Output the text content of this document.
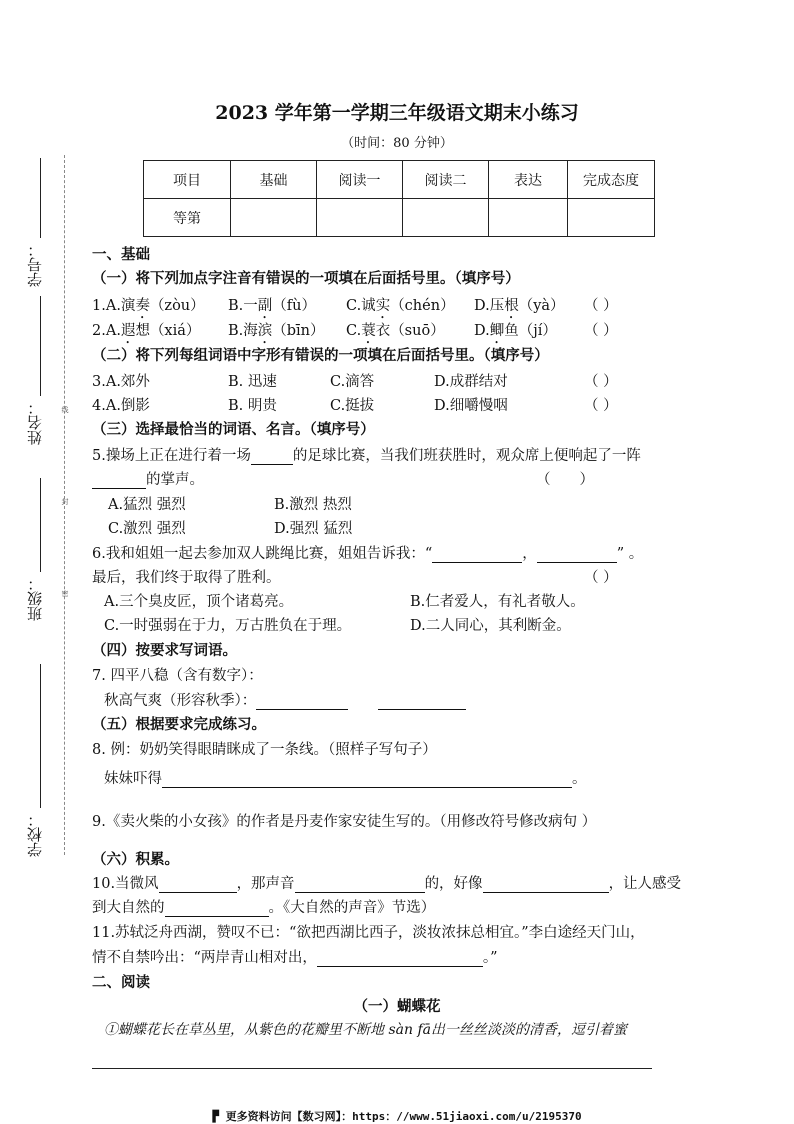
2023 学年第一学期三年级语文期末小练习
（时间：80 分钟）
项目	基础	阅读一	阅读二	表达	完成态度
等第					
学号：
姓名：
班级：
学校：
线
封
密
一、基础
（一）将下列加点字注音有错误的一项填在后面括号里。（填序号）
1.A.演奏（zòu） B.一副（fù） C.诚实（chén） D.压根（yà） （ ）
2.A.遐想（xiá） B.海滨（bīn） C.蓑衣（suō） D.鲫鱼（jí） （ ）
（二）将下列每组词语中字形有错误的一项填在后面括号里。（填序号）
3.A.郊外	B. 迅速	C.滴答	D.成群结对	（ ）
4.A.倒影	B. 明贵	C.挺拔	D.细嚼慢咽	（ ）
（三）选择最恰当的词语、名言。（填序号）
5.操场上正在进行着一场	的足球比赛，当我们班获胜时，观众席上便响起了一阵
的掌声。	（　　）
A.猛烈 强烈	B.激烈 热烈
C.激烈 强烈	D.强烈 猛烈
6.我和姐姐一起去参加双人跳绳比赛，姐姐告诉我：“	，	” 。
最后，我们终于取得了胜利。	（ ）
A.三个臭皮匠，顶个诸葛亮。	B.仁者爱人，有礼者敬人。
C.一时强弱在于力，万古胜负在于理。	D.二人同心，其利断金。
（四）按要求写词语。
7. 四平八稳（含有数字）：
秋高气爽（形容秋季）：
（五）根据要求完成练习。
8. 例：奶奶笑得眼睛眯成了一条线。（照样子写句子）
妹妹吓得	。
9.《卖火柴的小女孩》的作者是丹麦作家安徒生写的。（用修改符号修改病句 ）
（六）积累。
10.当微风	，那声音	的，好像	，让人感受
到大自然的	。《大自然的声音》节选）
11.苏轼泛舟西湖，赞叹不已：“欲把西湖比西子，淡妆浓抹总相宜。”李白途经天门山，
情不自禁吟出：“两岸青山相对出，	。”
二、阅读
（一）蝴蝶花
①蝴蝶花长在草丛里，从紫色的花瓣里不断地 sàn fā出一丝丝淡淡的清香，逗引着蜜
▛ 更多资料访问【数习网】：https：//www.51jiaoxi.com/u/2195370
